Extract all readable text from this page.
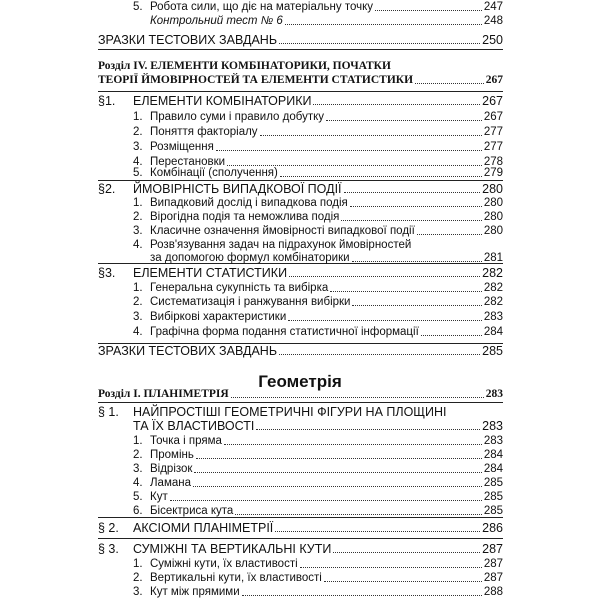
5. Робота сили, що діє на матеріальну точку	247
Контрольний тест № 6	248
ЗРАЗКИ ТЕСТОВИХ ЗАВДАНЬ	250
Розділ IV. ЕЛЕМЕНТИ КОМБІНАТОРИКИ, ПОЧАТКИ
ТЕОРІЇ ЙМОВІРНОСТЕЙ ТА ЕЛЕМЕНТИ СТАТИСТИКИ	267
§1. ЕЛЕМЕНТИ КОМБІНАТОРИКИ	267
1. Правило суми і правило добутку	267
2. Поняття факторіалу	277
3. Розміщення	277
4. Перестановки	278
5. Комбінації (сполучення)	279
§2. ЙМОВІРНІСТЬ ВИПАДКОВОЇ ПОДІЇ	280
1. Випадковий дослід і випадкова подія	280
2. Вірогідна подія та неможлива подія	280
3. Класичне означення ймовірності випадкової події	280
4. Розв'язування задач на підрахунок ймовірностей
за допомогою формул комбінаторики	281
§3. ЕЛЕМЕНТИ СТАТИСТИКИ	282
1. Генеральна сукупність та вибірка	282
2. Систематизація і ранжування вибірки	282
3. Вибіркові характеристики	283
4. Графічна форма подання статистичної інформації	284
ЗРАЗКИ ТЕСТОВИХ ЗАВДАНЬ	285
Геометрія
Розділ І. ПЛАНІМЕТРІЯ	283
§ 1. НАЙПРОСТІШІ ГЕОМЕТРИЧНІ ФІГУРИ НА ПЛОЩИНІ
ТА ЇХ ВЛАСТИВОСТІ	283
1. Точка і пряма	283
2. Промінь	284
3. Відрізок	284
4. Ламана	285
5. Кут	285
6. Бісектриса кута	285
§ 2. АКСІОМИ ПЛАНІМЕТРІЇ	286
§ 3. СУМІЖНІ ТА ВЕРТИКАЛЬНІ КУТИ	287
1. Суміжні кути, їх властивості	287
2. Вертикальні кути, їх властивості	287
3. Кут між прямими	288
